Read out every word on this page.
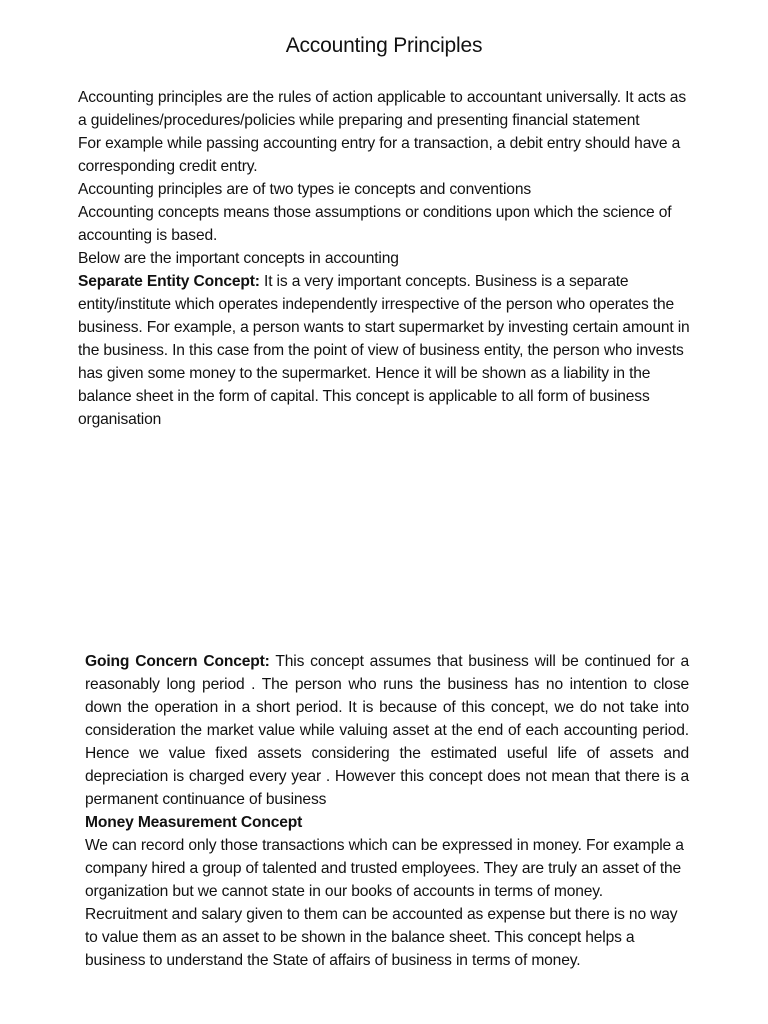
Accounting Principles

Accounting principles are the rules of action applicable to accountant universally. It acts as a guidelines/procedures/policies while preparing and presenting financial statement

For example while passing accounting entry for a transaction, a debit entry should have a corresponding credit entry.

Accounting principles are of two types ie concepts and conventions

Accounting concepts means those assumptions or conditions upon which the science of accounting is based.

Below are the important concepts in accounting

Separate Entity Concept: It is a very important concepts. Business is a separate entity/institute which operates independently irrespective of the person who operates the business. For example, a person wants to start supermarket by investing certain amount in the business. In this case from the point of view of business entity, the person who invests has given some money to the supermarket. Hence it will be shown as a liability in the balance sheet in the form of capital. This concept is applicable to all form of business organisation

Going Concern Concept: This concept assumes that business will be continued for a reasonably long period . The person who runs the business has no intention to close down the operation in a short period. It is because of this concept, we do not take into consideration the market value while valuing asset at the end of each accounting period. Hence we value fixed assets considering the estimated useful life of assets and depreciation is charged every year . However this concept does not mean that there is a permanent continuance of business

Money Measurement Concept

We can record only those transactions which can be expressed in money. For example a company hired a group of talented and trusted employees. They are truly an asset of the organization but we cannot state in our books of accounts in terms of money. Recruitment and salary given to them can be accounted as expense but there is no way to value them as an asset to be shown in the balance sheet. This concept helps a business to understand the State of affairs of business in terms of money.
